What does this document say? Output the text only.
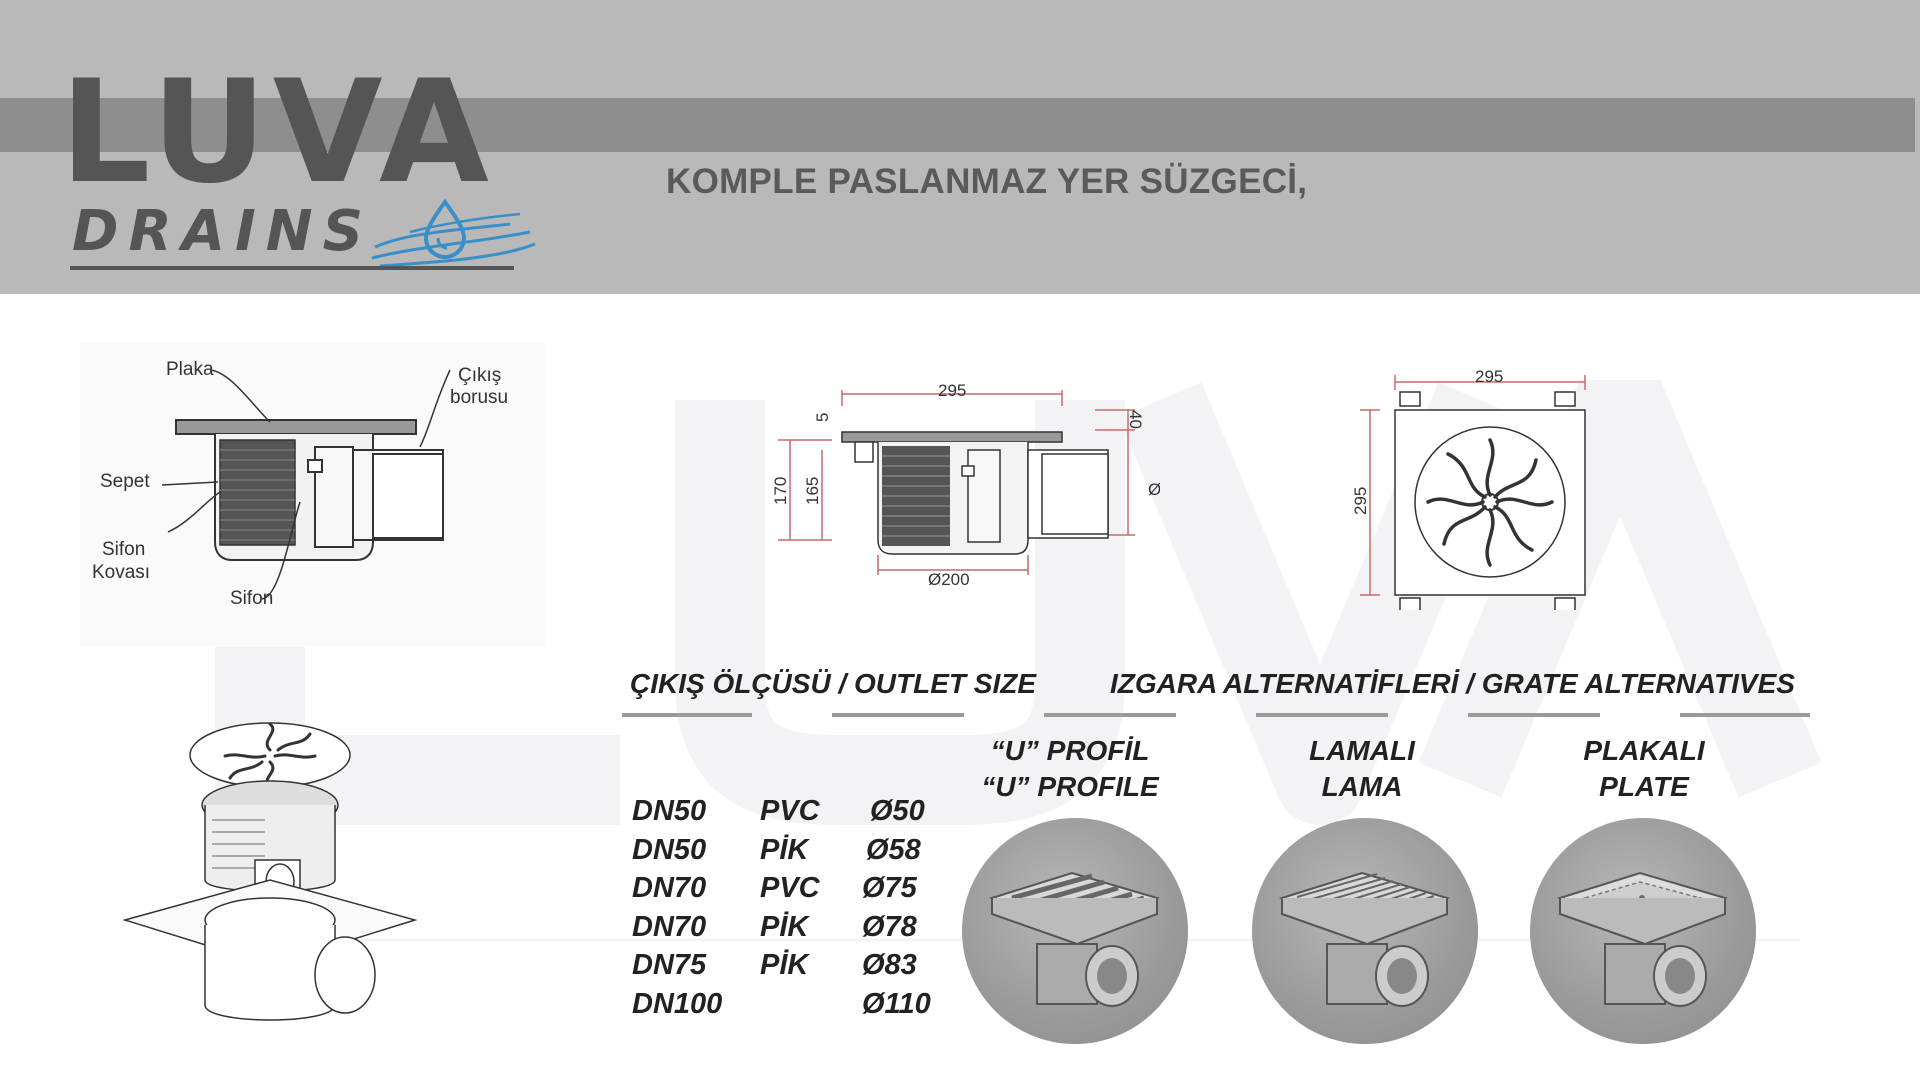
LUVA
DRAINS
KOMPLE PASLANMAZ YER SÜZGECİ,
Plaka	Çıkış
borusu
Sepet
Sifon
Kovası
Sifon
295
5
170 165
40
Ø
Ø200
295
295
ÇIKIŞ ÖLÇÜSÜ / OUTLET SIZE	IZGARA ALTERNATİFLERİ / GRATE ALTERNATIVES
DN50 PVC Ø50
DN50 PİK Ø58
DN70 PVC Ø75
DN70 PİK Ø78
DN75 PİK Ø83
DN100	Ø110
“U” PROFİL
“U” PROFILE
LAMALI
LAMA
PLAKALI
PLATE
